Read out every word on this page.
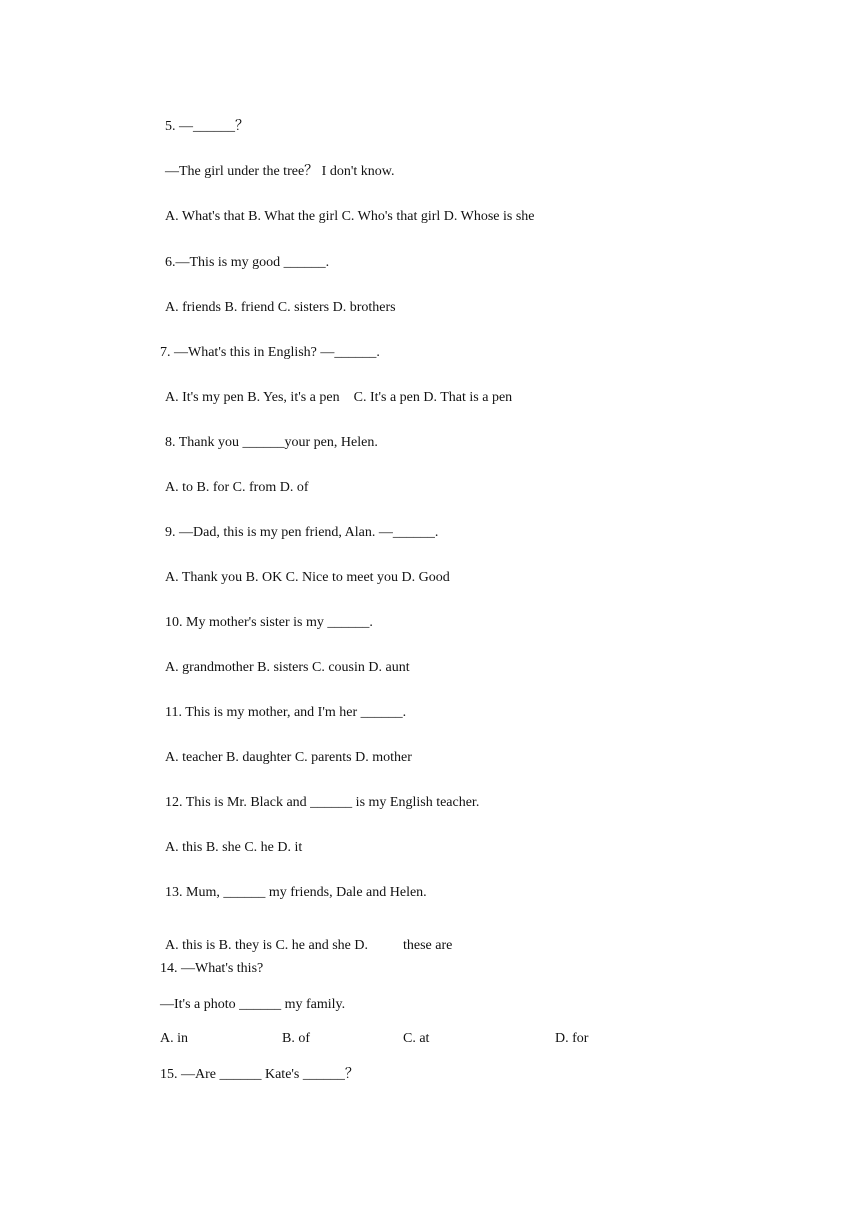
5. —______？
—The girl under the tree？ I don't know.
A. What's that B. What the girl C. Who's that girl D. Whose is she
6.—This is my good ______.
A. friends B. friend C. sisters D. brothers
7. —What's this in English? —______.
A. It's my pen B. Yes, it's a pen    C. It's a pen D. That is a pen
8. Thank you ______your pen, Helen.
A. to B. for C. from D. of
9. —Dad, this is my pen friend, Alan. —______.
A. Thank you B. OK C. Nice to meet you D. Good
10. My mother's sister is my ______.
A. grandmother B. sisters C. cousin D. aunt
11. This is my mother, and I'm her ______.
A. teacher B. daughter C. parents D. mother
12. This is Mr. Black and ______ is my English teacher.
A. this B. she C. he D. it
13. Mum, ______ my friends, Dale and Helen.
A. this is B. they is C. he and she D.          these are
14. —What's this?
—It's a photo ______ my family.
A. in	B. of	C. at	D. for
15. —Are ______ Kate's ______？
